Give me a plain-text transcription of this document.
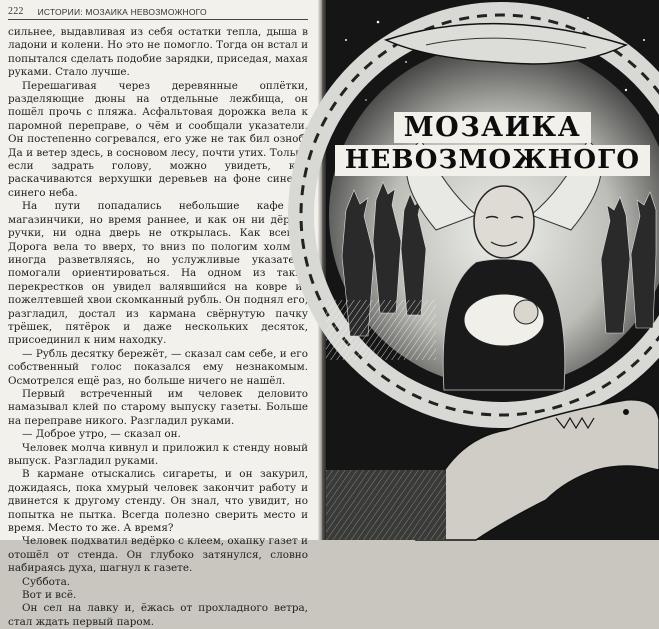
222 ИСТОРИИ: МОЗАИКА НЕВОЗМОЖНОГО

сильнее, выдавливая из себя остатки тепла, дыша в ладони и колени. Но это не помогло. Тогда он встал и попытался сделать подобие зарядки, приседая, махая руками. Стало лучше.

Перешагивая через деревянные оплётки, разделяющие дюны на отдельные лежбища, он пошёл прочь с пляжа. Асфальтовая дорожка вела к паромной переправе, о чём и сообщали указатели. Он постепенно согревался, его уже не так бил озноб. Да и ветер здесь, в сосновом лесу, почти утих. Только если задрать голову, можно увидеть, как раскачиваются верхушки деревьев на фоне синего-синего неба.

На пути попадались небольшие кафе и магазинчики, но время раннее, и как он ни дёргал ручки, ни одна дверь не открылась. Как всегда. Дорога вела то вверх, то вниз по пологим холмам, иногда разветвляясь, но услужливые указатели помогали ориентироваться. На одном из таких перекрестков он увидел валявшийся на коврe из пожелтевшей хвои скомканный рубль. Он поднял его, разгладил, достал из кармана свёрнутую пачку трёшек, пятёрок и даже нескольких десяток, присоединил к ним находку.

— Рубль десятку бережёт, — сказал сам себе, и его собственный голос показался ему незнакомым. Осмотрелся ещё раз, но больше ничего не нашёл.

Первый встреченный им человек деловито намазывал клей по старому выпуску газеты. Больше на переправе никого. Разгладил руками.

— Доброе утро, — сказал он.

Человек молча кивнул и приложил к стенду новый выпуск. Разгладил руками.

В кармане отыскались сигареты, и он закурил, дожидаясь, пока хмурый человек закончит работу и двинется к другому стенду. Он знал, что увидит, но попытка не пытка. Всегда полезно сверить место и время. Место то же. А время?

Человек подхватил ведёрко с клеем, охапку газет и отошёл от стенда. Он глубоко затянулся, словно набираясь духа, шагнул к газете.

Суббота.

Вот и всё.

Он сел на лавку и, ёжась от прохладного ветра, стал ждать первый паром.

МОЗАИКА
НЕВОЗМОЖНОГО
